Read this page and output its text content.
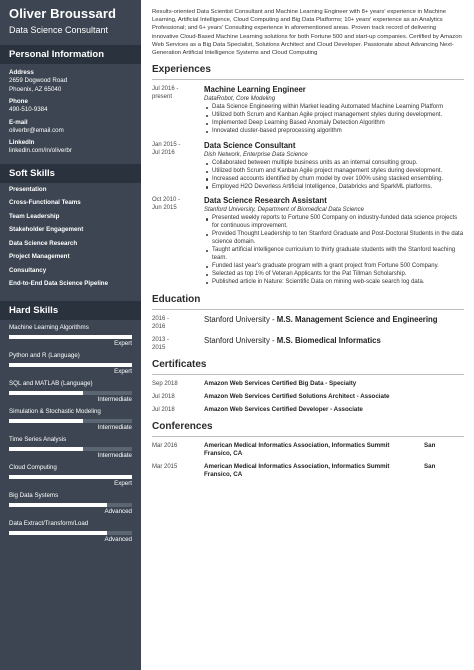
Oliver Broussard
Data Science Consultant
Personal Information
Address
2659 Dogwood Road
Phoenix, AZ 65040
Phone
490-510-9384
E-mail
oliverbr@email.com
LinkedIn
linkedin.com/in/oliverbr
Soft Skills
Presentation
Cross-Functional Teams
Team Leadership
Stakeholder Engagement
Data Science Research
Project Management
Consultancy
End-to-End Data Science Pipeline
Hard Skills
Machine Learning Algorithms
Expert
Python and R (Language)
Expert
SQL and MATLAB (Language)
Intermediate
Simulation & Stochastic Modeling
Intermediate
Time Series Analysis
Intermediate
Cloud Computing
Expert
Big Data Systems
Advanced
Data Extract/Transform/Load
Advanced
Results-oriented Data Scientist Consultant and Machine Learning Engineer with 8+ years' experience in Machine Learning, Artificial Intelligence, Cloud Computing and Big Data Platforms; 10+ years' experience as an Analytics Professional; and 6+ years' Consulting experience in aforementioned areas. Proven track record of delivering innovative Cloud-Based Machine Learning solutions for both Fortune 500 and start-up companies. Certified by Amazon Web Services as a Big Data Specialist, Solutions Architect and Cloud Developer. Passionate about Advancing Next-Generation Artificial Intelligence Systems and Cloud Computing
Experiences
Jul 2016 -
present
Machine Learning Engineer
DataRobot, Core Modeling
Data Science Engineering within Market leading Automated Machine Learning Platform
Utilized both Scrum and Kanban Agile project management styles during development.
Implemented Deep Learning Based Anomaly Detection Algorithm
Innovated cluster-based preprocessing algorithm
Jan 2015 -
Jul 2016
Data Science Consultant
Dish Network, Enterprise Data Science
Collaborated between multiple business units as an internal consulting group.
Utilized both Scrum and Kanban Agile project management styles during development.
Increased accounts identified by churn model by over 100% using stacked ensembling.
Employed H2O Deverless Artificial Intelligence, Databricks and SparkML platforms.
Oct 2010 -
Jun 2015
Data Science Research Assistant
Stanford University, Department of Biomedical Data Science
Presented weekly reports to Fortune 500 Company on industry-funded data science projects for continuous improvement.
Provided Thought Leadership to ten Stanford Graduate and Post-Doctoral Students in the data science domain.
Taught artificial intelligence curriculum to thirty graduate students with the Stanford teaching team.
Funded last year's graduate program with a grant project from Fortune 500 Company.
Selected as top 1% of Veteran Applicants for the Pat Tillman Scholarship.
Published article in Nature: Scientific Data on mining web-scale search log data.
Education
2016 -
2016
Stanford University - M.S. Management Science and Engineering
2013 -
2015
Stanford University - M.S. Biomedical Informatics
Certificates
Sep 2018	Amazon Web Services Certified Big Data - Specialty
Jul 2018	Amazon Web Services Certified Solutions Architect - Associate
Jul 2018	Amazon Web Services Certified Developer - Associate
Conferences
Mar 2016	American Medical Informatics Association, Informatics Summit	San
Fransico, CA
Mar 2015	American Medical Informatics Association, Informatics Summit	San
Fransico, CA
